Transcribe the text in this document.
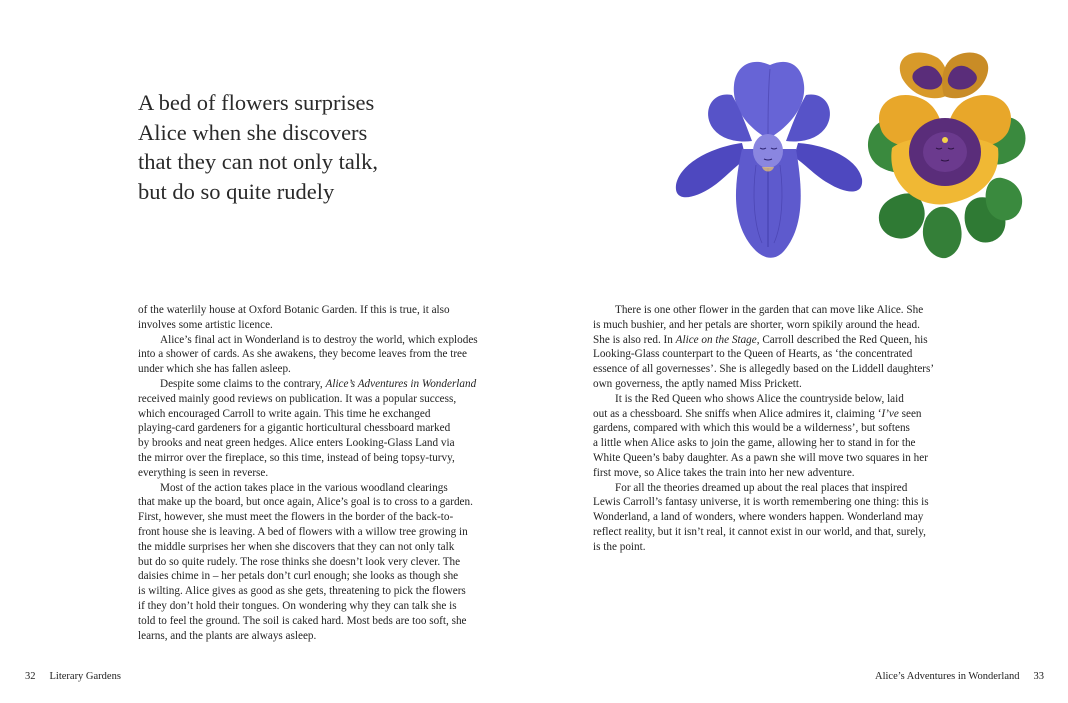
A bed of flowers surprises
Alice when she discovers
that they can not only talk,
but do so quite rudely

of the waterlily house at Oxford Botanic Garden. If this is true, it also
involves some artistic licence.

Alice’s final act in Wonderland is to destroy the world, which explodes
into a shower of cards. As she awakens, they become leaves from the tree
under which she has fallen asleep.

Despite some claims to the contrary, Alice’s Adventures in Wonderland
received mainly good reviews on publication. It was a popular success,
which encouraged Carroll to write again. This time he exchanged
playing-card gardeners for a gigantic horticultural chessboard marked
by brooks and neat green hedges. Alice enters Looking-Glass Land via
the mirror over the fireplace, so this time, instead of being topsy-turvy,
everything is seen in reverse.

Most of the action takes place in the various woodland clearings
that make up the board, but once again, Alice’s goal is to cross to a garden.
First, however, she must meet the flowers in the border of the back-to-
front house she is leaving. A bed of flowers with a willow tree growing in
the middle surprises her when she discovers that they can not only talk
but do so quite rudely. The rose thinks she doesn’t look very clever. The
daisies chime in – her petals don’t curl enough; she looks as though she
is wilting. Alice gives as good as she gets, threatening to pick the flowers
if they don’t hold their tongues. On wondering why they can talk she is
told to feel the ground. The soil is caked hard. Most beds are too soft, she
learns, and the plants are always asleep.

There is one other flower in the garden that can move like Alice. She
is much bushier, and her petals are shorter, worn spikily around the head.
She is also red. In Alice on the Stage, Carroll described the Red Queen, his
Looking-Glass counterpart to the Queen of Hearts, as ‘the concentrated
essence of all governesses’. She is allegedly based on the Liddell daughters’
own governess, the aptly named Miss Prickett.

It is the Red Queen who shows Alice the countryside below, laid
out as a chessboard. She sniffs when Alice admires it, claiming ‘I’ve seen
gardens, compared with which this would be a wilderness’, but softens
a little when Alice asks to join the game, allowing her to stand in for the
White Queen’s baby daughter. As a pawn she will move two squares in her
first move, so Alice takes the train into her new adventure.

For all the theories dreamed up about the real places that inspired
Lewis Carroll’s fantasy universe, it is worth remembering one thing: this is
Wonderland, a land of wonders, where wonders happen. Wonderland may
reflect reality, but it isn’t real, it cannot exist in our world, and that, surely,
is the point.

32 Literary Gardens	Alice’s Adventures in Wonderland 33
